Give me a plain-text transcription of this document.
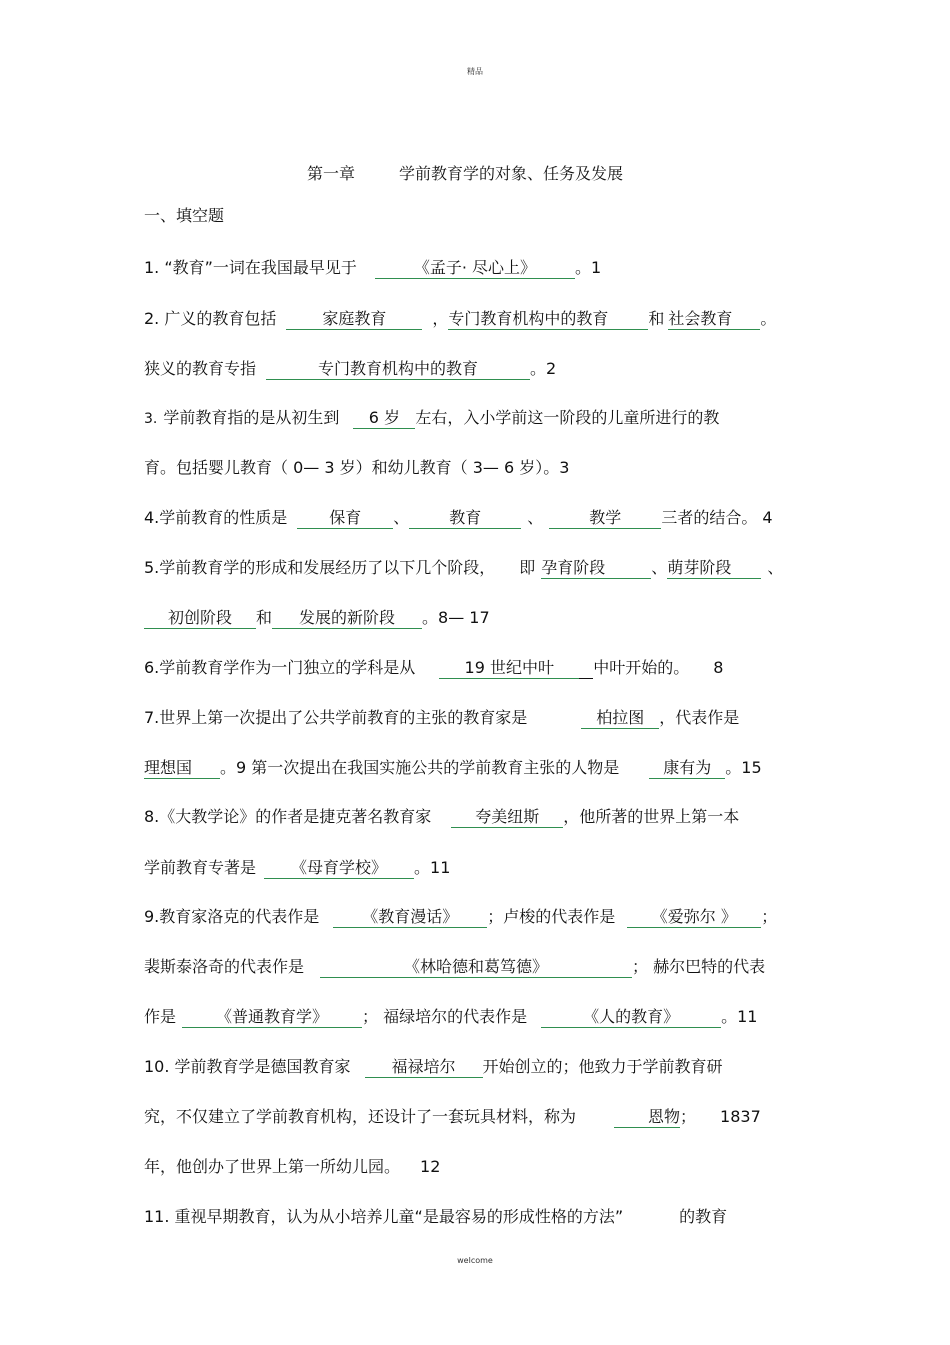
精品
第一章	学前教育学的对象、任务及发展
一、填空题
1. “教育”一词在我国最早见于	《孟子· 尽心上》 。1
2. 广义的教育包括	家庭教育	，专门教育机构中的教育 和 社会教育 。
狭义的教育专指	专门教育机构中的教育	。2
3. 学前教育指的是从初生到 6 岁 左右，入小学前这一阶段的儿童所进行的教
育。包括婴儿教育（ 0— 3 岁）和幼儿教育（ 3— 6 岁）。3
4.学前教育的性质是	保育 、 教育	、	教学	三者的结合。 4
5.学前教育学的形成和发展经历了以下几个阶段， 即 孕育阶段	、萌芽阶段 、
初创阶段 和 发展的新阶段 。8— 17
6.学前教育学作为一门独立的学科是从	19 世纪中叶 中叶开始的。 8
7.世界上第一次提出了公共学前教育的主张的教育家是	柏拉图 ，代表作是
理想国 。9 第一次提出在我国实施公共的学前教育主张的人物是	康有为 。15
8.《大教学论》的作者是捷克著名教育家	夸美纽斯 ，他所著的世界上第一本
学前教育专著是 《母育学校》 。11
9.教育家洛克的代表作是	《教育漫话》 ；卢梭的代表作是 《爱弥尔 》 ；
裴斯泰洛奇的代表作是	《林哈德和葛笃德》	； 赫尔巴特的代表
作是 《普通教育学》 ； 福绿培尔的代表作是	《人的教育》	。11
10. 学前教育学是德国教育家	福禄培尔 开始创立的；他致力于学前教育研
究，不仅建立了学前教育机构，还设计了一套玩具材料，称为	恩物； 1837
年，他创办了世界上第一所幼儿园。 12
11. 重视早期教育，认为从小培养儿童“是最容易的形成性格的方法”	的教育
welcome
